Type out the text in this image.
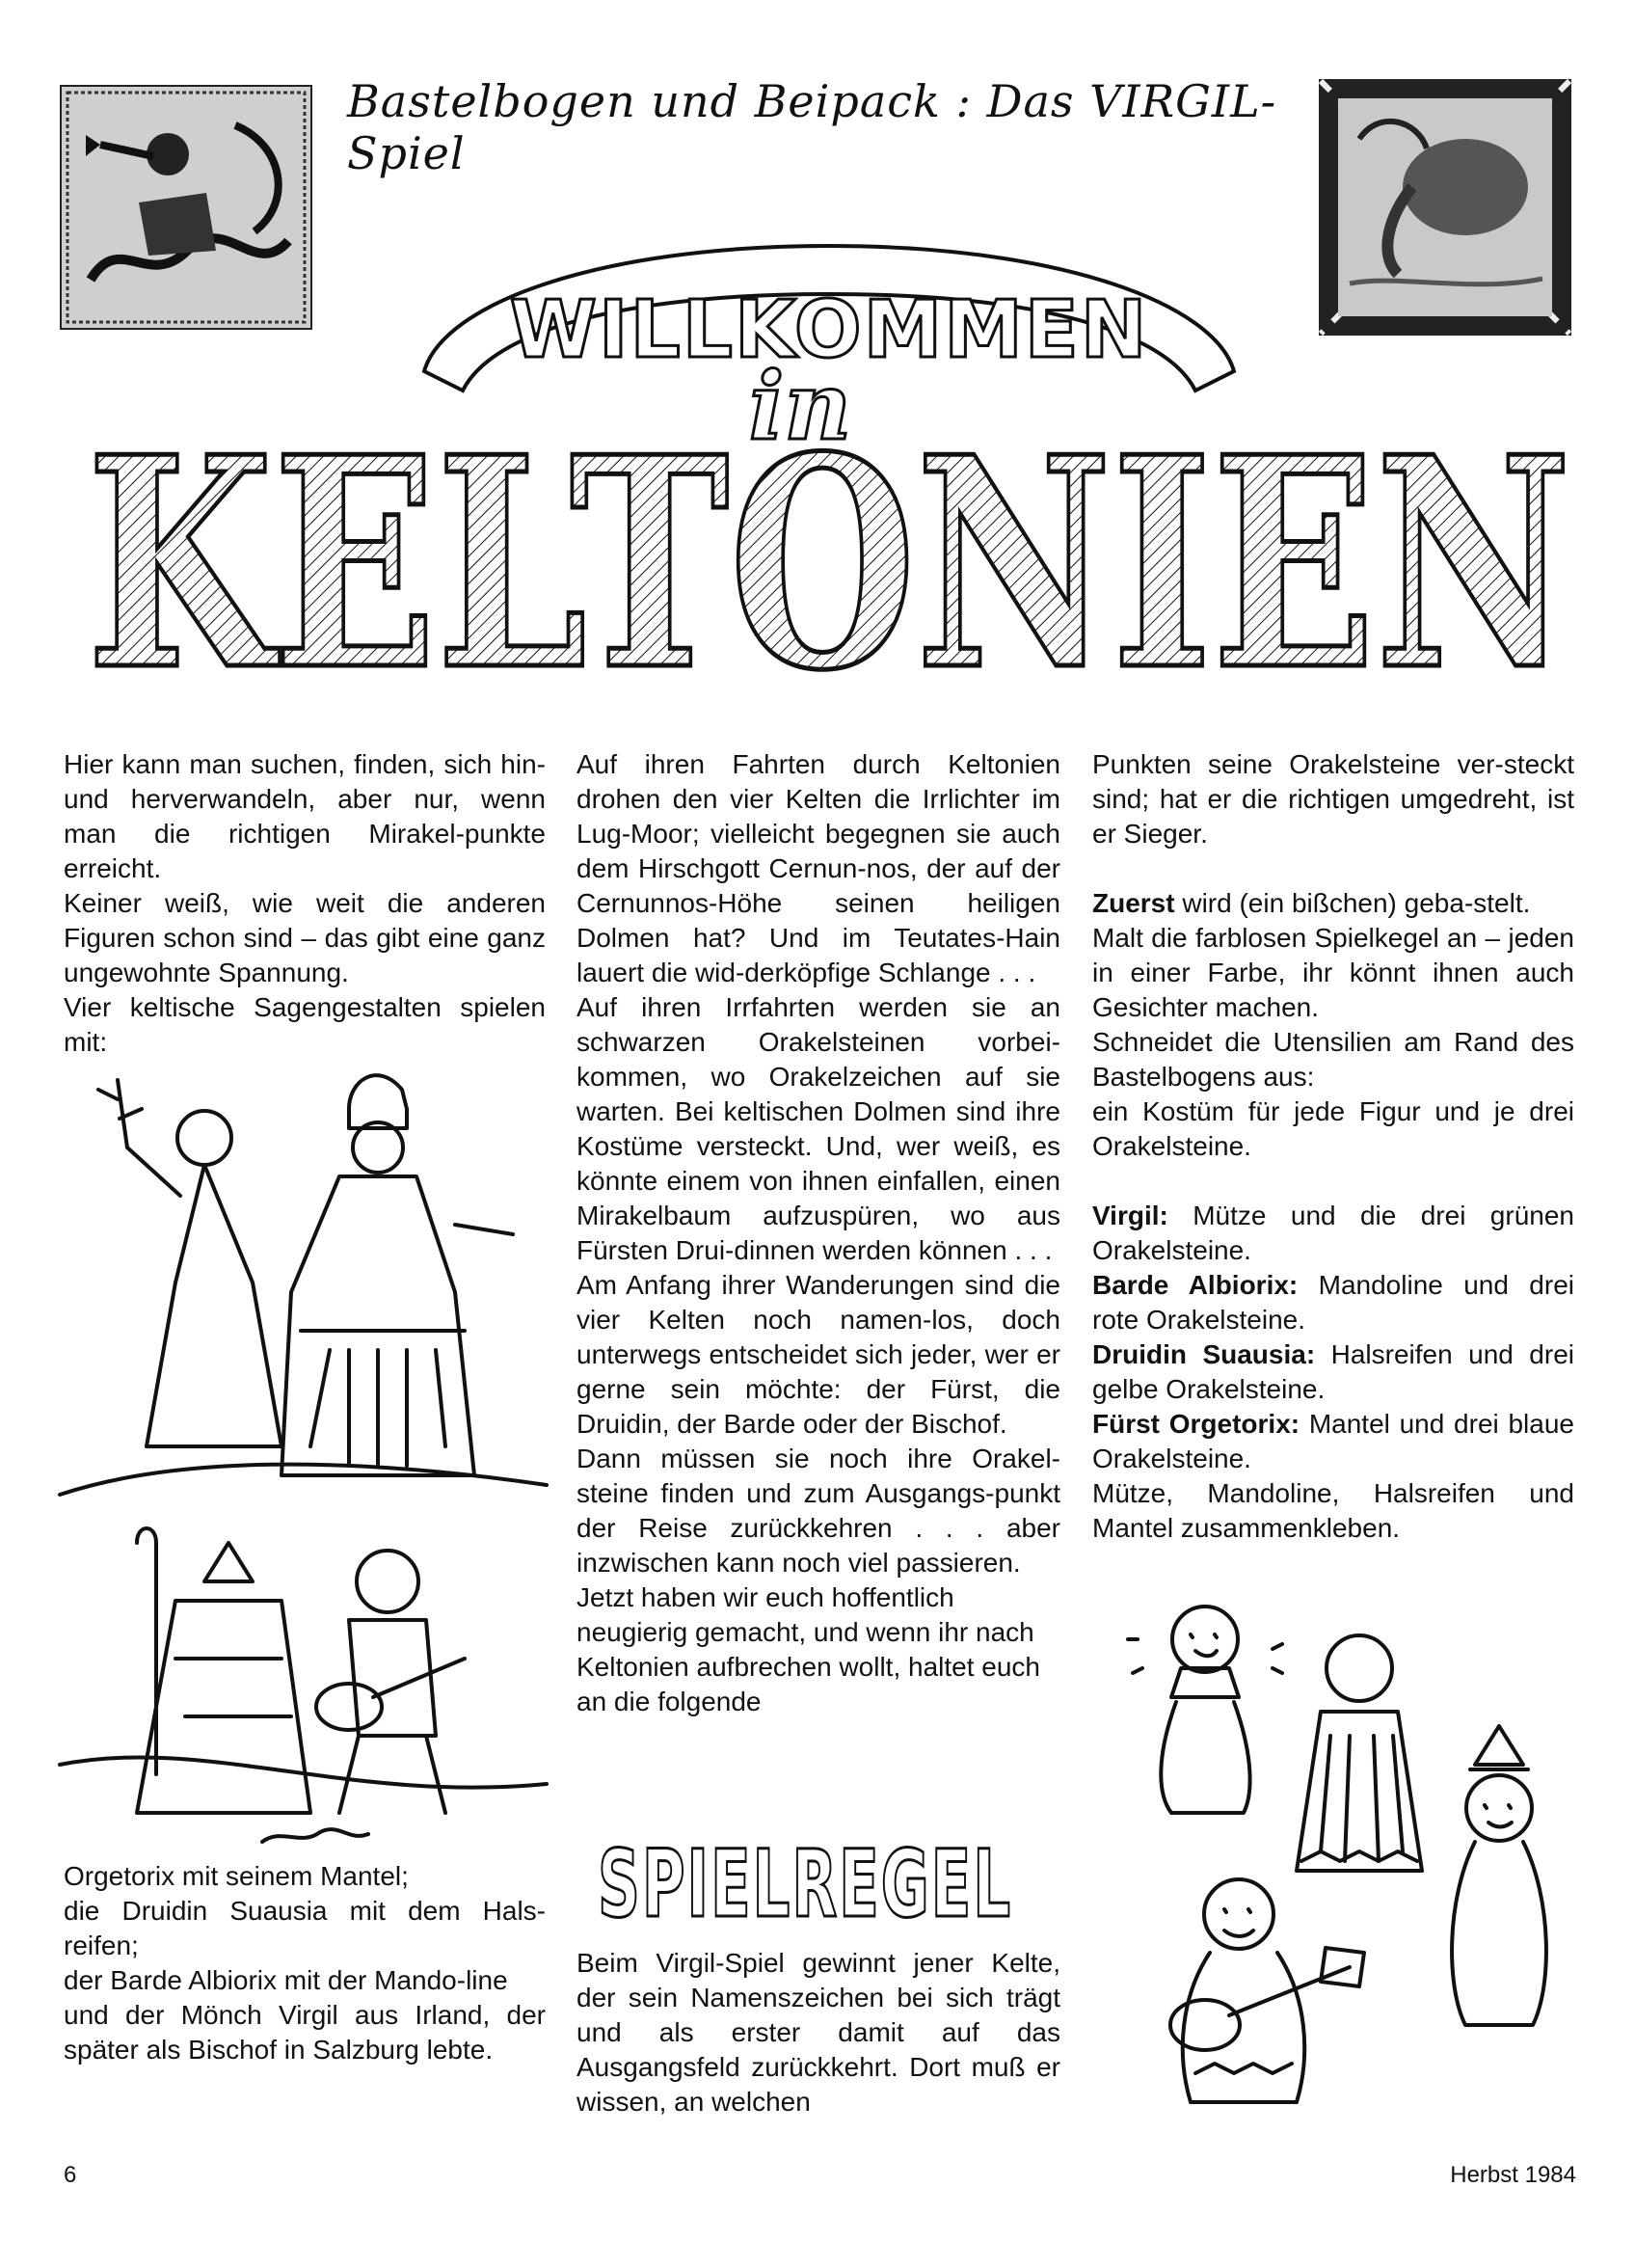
Bastelbogen und Beipack : Das VIRGIL-Spiel
WILLKOMMEN
in
KELTONIEN

Hier kann man suchen, finden, sich hin- und herverwandeln, aber nur, wenn man die richtigen Mirakel-punkte erreicht.

Keiner weiß, wie weit die anderen Figuren schon sind – das gibt eine ganz ungewohnte Spannung.

Vier keltische Sagengestalten spielen mit:

Orgetorix mit seinem Mantel;

die Druidin Suausia mit dem Hals-reifen;

der Barde Albiorix mit der Mando-line

und der Mönch Virgil aus Irland, der später als Bischof in Salzburg lebte.

Auf ihren Fahrten durch Keltonien drohen den vier Kelten die Irrlichter im Lug-Moor; vielleicht begegnen sie auch dem Hirschgott Cernun-nos, der auf der Cernunnos-Höhe seinen heiligen Dolmen hat? Und im Teutates-Hain lauert die wid-derköpfige Schlange . . .

Auf ihren Irrfahrten werden sie an schwarzen Orakelsteinen vorbei-kommen, wo Orakelzeichen auf sie warten. Bei keltischen Dolmen sind ihre Kostüme versteckt. Und, wer weiß, es könnte einem von ihnen einfallen, einen Mirakelbaum aufzuspüren, wo aus Fürsten Drui-dinnen werden können . . .

Am Anfang ihrer Wanderungen sind die vier Kelten noch namen-los, doch unterwegs entscheidet sich jeder, wer er gerne sein möchte: der Fürst, die Druidin, der Barde oder der Bischof.

Dann müssen sie noch ihre Orakel-steine finden und zum Ausgangs-punkt der Reise zurückkehren . . . aber inzwischen kann noch viel passieren.

Jetzt haben wir euch hoffentlich neugierig gemacht, und wenn ihr nach Keltonien aufbrechen wollt, haltet euch an die folgende

SPIELREGEL

Beim Virgil-Spiel gewinnt jener Kelte, der sein Namenszeichen bei sich trägt und als erster damit auf das Ausgangsfeld zurückkehrt. Dort muß er wissen, an welchen

Punkten seine Orakelsteine ver-steckt sind; hat er die richtigen umgedreht, ist er Sieger.

Zuerst wird (ein bißchen) geba-stelt.

Malt die farblosen Spielkegel an – jeden in einer Farbe, ihr könnt ihnen auch Gesichter machen.

Schneidet die Utensilien am Rand des Bastelbogens aus:

ein Kostüm für jede Figur und je drei Orakelsteine.

Virgil: Mütze und die drei grünen Orakelsteine.

Barde Albiorix: Mandoline und drei rote Orakelsteine.

Druidin Suausia: Halsreifen und drei gelbe Orakelsteine.

Fürst Orgetorix: Mantel und drei blaue Orakelsteine.

Mütze, Mandoline, Halsreifen und Mantel zusammenkleben.

6	Herbst 1984
